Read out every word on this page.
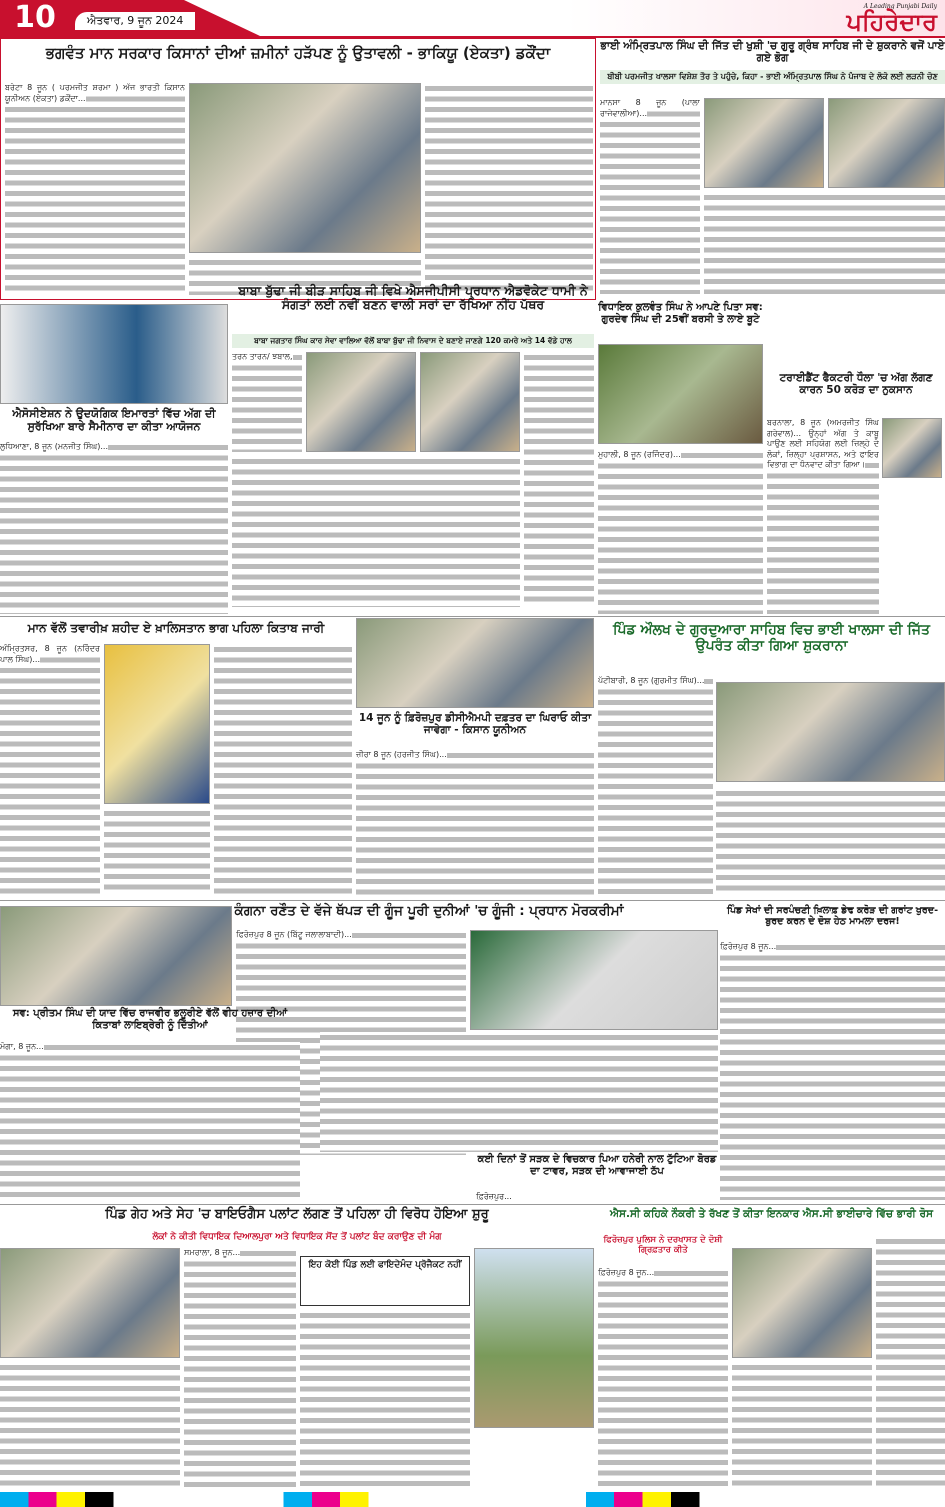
10	ਐਤਵਾਰ, 9 ਜੂਨ 2024
A Leading Punjabi Daily
ਪਹਿਰੇਦਾਰ
ਭਗਵੰਤ ਮਾਨ ਸਰਕਾਰ ਕਿਸਾਨਾਂ ਦੀਆਂ ਜ਼ਮੀਨਾਂ ਹੜੱਪਣ ਨੂੰ ਉਤਾਵਲੀ - ਭਾਕਿਯੂ (ਏਕਤਾ) ਡਕੌਂਦਾ
ਬਰੇਟਾ 8 ਜੂਨ ( ਪਰਮਜੀਤ ਸ਼ਰਮਾ ) ਅੱਜ ਭਾਰਤੀ ਕਿਸਾਨ ਯੂਨੀਅਨ (ਏਕਤਾ) ਡਕੌਂਦਾ...
ਭਾਈ ਅੰਮ੍ਰਿਤਪਾਲ ਸਿੰਘ ਦੀ ਜਿੱਤ ਦੀ ਖੁਸ਼ੀ 'ਚ ਗੁਰੂ ਗ੍ਰੰਥ ਸਾਹਿਬ ਜੀ ਦੇ ਸ਼ੁਕਰਾਨੇ ਵਜੋਂ ਪਾਏ ਗਏ ਭੋਗ
ਬੀਬੀ ਪਰਮਜੀਤ ਖਾਲਸਾ ਵਿਸ਼ੇਸ਼ ਤੌਰ ਤੇ ਪਹੁੰਚੇ, ਕਿਹਾ - ਭਾਈ ਅੰਮ੍ਰਿਤਪਾਲ ਸਿੰਘ ਨੇ ਪੰਜਾਬ ਦੇ ਲੋਕੋ ਲਈ ਲੜਨੀ ਚੋਣ
ਮਾਨਸਾ 8 ਜੂਨ (ਪਾਲਾ ਰਾਜੇਵਾਲੀਆ)...
ਐਸੋਸੀਏਸ਼ਨ ਨੇ ਉਦਯੋਗਿਕ ਇਮਾਰਤਾਂ ਵਿੱਚ ਅੱਗ ਦੀ ਸੁਰੱਖਿਆ ਬਾਰੇ ਸੈਮੀਨਾਰ ਦਾ ਕੀਤਾ ਆਯੋਜਨ
ਲੁਧਿਆਣਾ, 8 ਜੂਨ (ਮਨਜੀਤ ਸਿੰਘ)...
ਬਾਬਾ ਬੁੱਢਾ ਜੀ ਬੀੜ ਸਾਹਿਬ ਜੀ ਵਿਖੇ ਐਸਜੀਪੀਸੀ ਪ੍ਰਧਾਨ ਐਡਵੋਕੇਟ ਧਾਮੀ ਨੇ ਸੰਗਤਾਂ ਲਈ ਨਵੀਂ ਬਣਨ ਵਾਲੀ ਸਰਾਂ ਦਾ ਰੱਖਿਆ ਨੀਂਹ ਪੱਥਰ
ਬਾਬਾ ਜਗਤਾਰ ਸਿੰਘ ਕਾਰ ਸੇਵਾ ਵਾਲਿਆ ਵੱਲੋਂ ਬਾਬਾ ਬੁੱਢਾ ਜੀ ਨਿਵਾਸ ਦੇ ਬਣਾਏ ਜਾਣਗੇ 120 ਕਮਰੇ ਅਤੇ 14 ਵੱਡੇ ਹਾਲ
ਤਰਨ ਤਾਰਨ/ ਝਬਾਲ,
ਵਿਧਾਇਕ ਕੁਲਵੰਤ ਸਿੰਘ ਨੇ ਆਪਣੇ ਪਿਤਾ ਸਵ: ਗੁਰਦੇਵ ਸਿੰਘ ਦੀ 25ਵੀਂ ਬਰਸੀ ਤੇ ਲਾਏ ਬੂਟੇ
ਮੁਹਾਲੀ, 8 ਜੂਨ (ਰਜਿੰਦਰ)...
ਟਰਾਈਡੈਂਟ ਫੈਕਟਰੀ ਧੌਲਾ 'ਚ ਅੱਗ ਲੱਗਣ ਕਾਰਨ 50 ਕਰੋੜ ਦਾ ਨੁਕਸਾਨ
ਬਰਨਾਲਾ, 8 ਜੂਨ (ਅਮਰਜੀਤ ਸਿੰਘ ਗਰੇਵਾਲ)... ਉਨ੍ਹਾਂ ਅੱਗ ਤੇ ਕਾਬੂ ਪਾਉਣ ਲਈ ਸਹਿਯੋਗ ਲਈ ਜ਼ਿਲ੍ਹੇ ਦੇ ਲੋਕਾਂ, ਜ਼ਿਲ੍ਹਾ ਪ੍ਰਸ਼ਾਸਨ, ਅਤੇ ਫਾਇਰ ਵਿਭਾਗ ਦਾ ਧੰਨਵਾਦ ਕੀਤਾ ਗਿਆ।
ਮਾਨ ਵੱਲੋਂ ਤਵਾਰੀਖ਼ ਸ਼ਹੀਦ ਏ ਖ਼ਾਲਿਸਤਾਨ ਭਾਗ ਪਹਿਲਾ ਕਿਤਾਬ ਜਾਰੀ
ਅੰਮ੍ਰਿਤਸਰ, 8 ਜੂਨ (ਨਰਿੰਦਰ ਪਾਲ ਸਿੰਘ)...
14 ਜੂਨ ਨੂੰ ਫ਼ਿਰੋਜ਼ਪੁਰ ਡੀਸੀਐਮਪੀ ਦਫ਼ਤਰ ਦਾ ਘਿਰਾਓ ਕੀਤਾ ਜਾਵੇਗਾ - ਕਿਸਾਨ ਯੂਨੀਅਨ
ਜ਼ੀਰਾ 8 ਜੂਨ (ਹਰਜੀਤ ਸਿੰਘ)...
ਪਿੰਡ ਔਲਖ ਦੇ ਗੁਰਦੁਆਰਾ ਸਾਹਿਬ ਵਿਚ ਭਾਈ ਖਾਲਸਾ ਦੀ ਜਿੱਤ ਉਪਰੰਤ ਕੀਤਾ ਗਿਆ ਸ਼ੁਕਰਾਨਾ
ਪੱਟੀਬਾਰੀ, 8 ਜੂਨ (ਗੁਰਮੀਤ ਸਿੰਘ)...
ਕੰਗਨਾ ਰਣੌਤ ਦੇ ਵੱਜੇ ਥੱਪੜ ਦੀ ਗੂੰਜ ਪੂਰੀ ਦੁਨੀਆਂ 'ਚ ਗੂੰਜੀ : ਪ੍ਰਧਾਨ ਮੋਰਕਰੀਮਾਂ
ਫਿਰੋਜ਼ਪੁਰ 8 ਜੂਨ (ਬਿੱਟੂ ਜਲਾਲਾਬਾਦੀ)...
ਸਵ: ਪ੍ਰੀਤਮ ਸਿੰਘ ਦੀ ਯਾਦ ਵਿੱਚ ਰਾਜਵੀਰ ਭਲੂਰੀਏ ਵੱਲੋਂ ਵੀਹ ਹਜ਼ਾਰ ਦੀਆਂ ਕਿਤਾਬਾਂ ਲਾਇਬ੍ਰੇਰੀ ਨੂੰ ਦਿੱਤੀਆਂ
ਮੋਗਾ, 8 ਜੂਨ...
ਪਿੰਡ ਸੇਖਾਂ ਦੀ ਸਰਪੰਚਣੀ ਖ਼ਿਲਾਫ਼ ਡੇਢ ਕਰੋੜ ਦੀ ਗਰਾਂਟ ਖੁਰਦ-ਬੁਰਦ ਕਰਨ ਦੇ ਦੋਸ਼ ਹੇਠ ਮਾਮਲਾ ਦਰਜ!
ਫ਼ਿਰੋਜ਼ਪੁਰ 8 ਜੂਨ...
ਕਈ ਦਿਨਾਂ ਤੋਂ ਸੜਕ ਦੇ ਵਿਚਕਾਰ ਪਿਆ ਹਨੇਰੀ ਨਾਲ ਟੁੱਟਿਆ ਬੋਰਡ ਦਾ ਟਾਵਰ, ਸੜਕ ਦੀ ਆਵਾਜਾਈ ਠੱਪ
ਫ਼ਿਰੋਜ਼ਪੁਰ...
ਪਿੰਡ ਗੇਹ ਅਤੇ ਸੇਹ 'ਚ ਬਾਇਓਗੈਸ ਪਲਾਂਟ ਲੱਗਣ ਤੋਂ ਪਹਿਲਾ ਹੀ ਵਿਰੋਧ ਹੋਇਆ ਸ਼ੁਰੂ
ਲੋਕਾਂ ਨੇ ਕੀਤੀ ਵਿਧਾਇਕ ਦਿਆਲਪੁਰਾ ਅਤੇ ਵਿਧਾਇਕ ਸੋਂਦ ਤੋਂ ਪਲਾਂਟ ਬੰਦ ਕਰਾਉਣ ਦੀ ਮੰਗ
ਸਮਰਾਲਾ, 8 ਜੂਨ...
ਇਹ ਕੋਈ ਪਿੰਡ ਲਈ ਫਾਇਦੇਮੰਦ ਪ੍ਰੋਜੈਕਟ ਨਹੀਂ
ਐਸ.ਸੀ ਕਹਿਕੇ ਨੌਕਰੀ ਤੇ ਰੱਖਣ ਤੋਂ ਕੀਤਾ ਇਨਕਾਰ ਐਸ.ਸੀ ਭਾਈਚਾਰੇ ਵਿੱਚ ਭਾਰੀ ਰੋਸ
ਫਿਰੋਜ਼ਪੁਰ ਪੁਲਿਸ ਨੇ ਦਰਖਾਸਤ ਦੇ ਦੋਸ਼ੀ ਗ੍ਰਿਫ਼ਤਾਰ ਕੀਤੇ
ਫ਼ਿਰੋਜ਼ਪੁਰ 8 ਜੂਨ...
